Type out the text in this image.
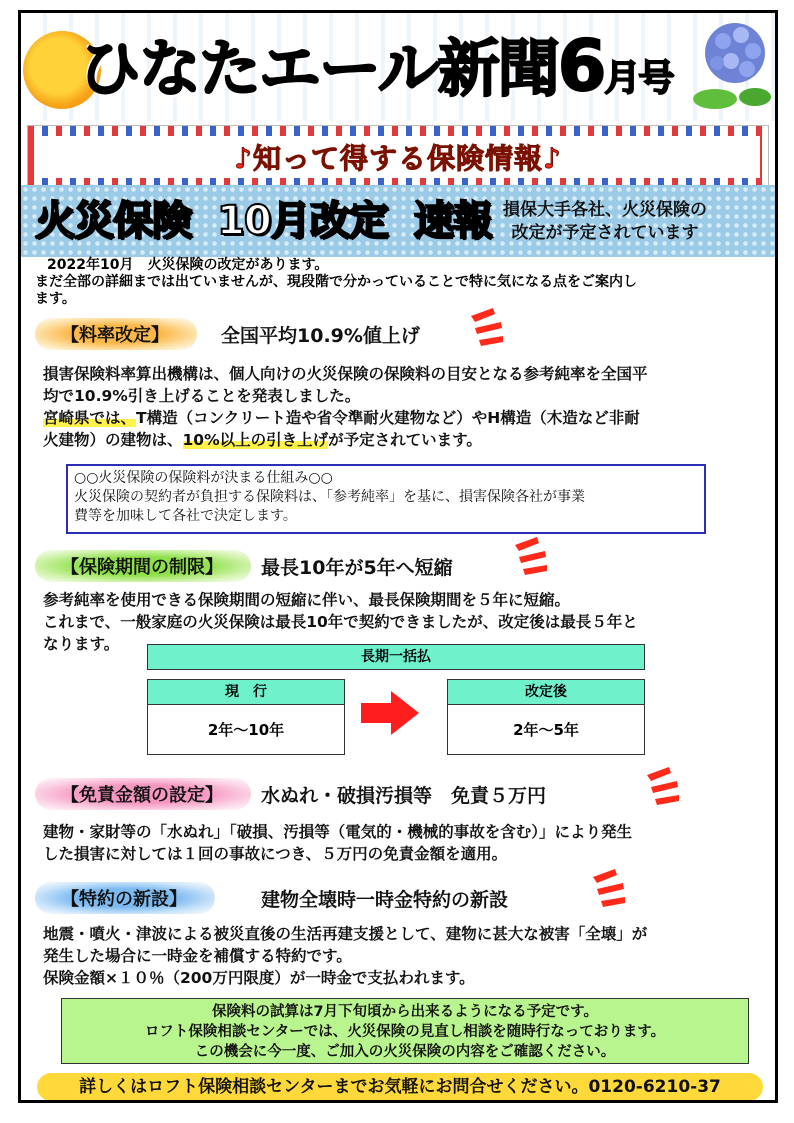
ひなたエール新聞6月号
♪知って得する保険情報♪
火災保険 10月改定 速報 損保大手各社、火災保険の
改定が予定されています
2022年10月　火災保険の改定があります。
まだ全部の詳細までは出ていませんが、現段階で分かっていることで特に気になる点をご案内し
ます。
【料率改定】	全国平均10.9%値上げ
損害保険料率算出機構は、個人向けの火災保険の保険料の目安となる参考純率を全国平
均で10.9%引き上げることを発表しました。
宮崎県では、T構造（コンクリート造や省令準耐火建物など）やH構造（木造など非耐
火建物）の建物は、10%以上の引き上げが予定されています。
○○火災保険の保険料が決まる仕組み○○
火災保険の契約者が負担する保険料は、「参考純率」を基に、損害保険各社が事業
費等を加味して各社で決定します。
【保険期間の制限】	最長10年が5年へ短縮
参考純率を使用できる保険期間の短縮に伴い、最長保険期間を５年に短縮。
これまで、一般家庭の火災保険は最長10年で契約できましたが、改定後は最長５年と
なります。
長期一括払
現　行
2年～10年
改定後
2年～5年
【免責金額の設定】	水ぬれ・破損汚損等　免責５万円
建物・家財等の「水ぬれ」「破損、汚損等（電気的・機械的事故を含む）」により発生
した損害に対しては１回の事故につき、５万円の免責金額を適用。
【特約の新設】	建物全壊時一時金特約の新設
地震・噴火・津波による被災直後の生活再建支援として、建物に甚大な被害「全壊」が
発生した場合に一時金を補償する特約です。
保険金額×１０％（200万円限度）が一時金で支払われます。
保険料の試算は7月下旬頃から出来るようになる予定です。
ロフト保険相談センターでは、火災保険の見直し相談を随時行なっております。
この機会に今一度、ご加入の火災保険の内容をご確認ください。
詳しくはロフト保険相談センターまでお気軽にお問合せください。0120-6210-37
